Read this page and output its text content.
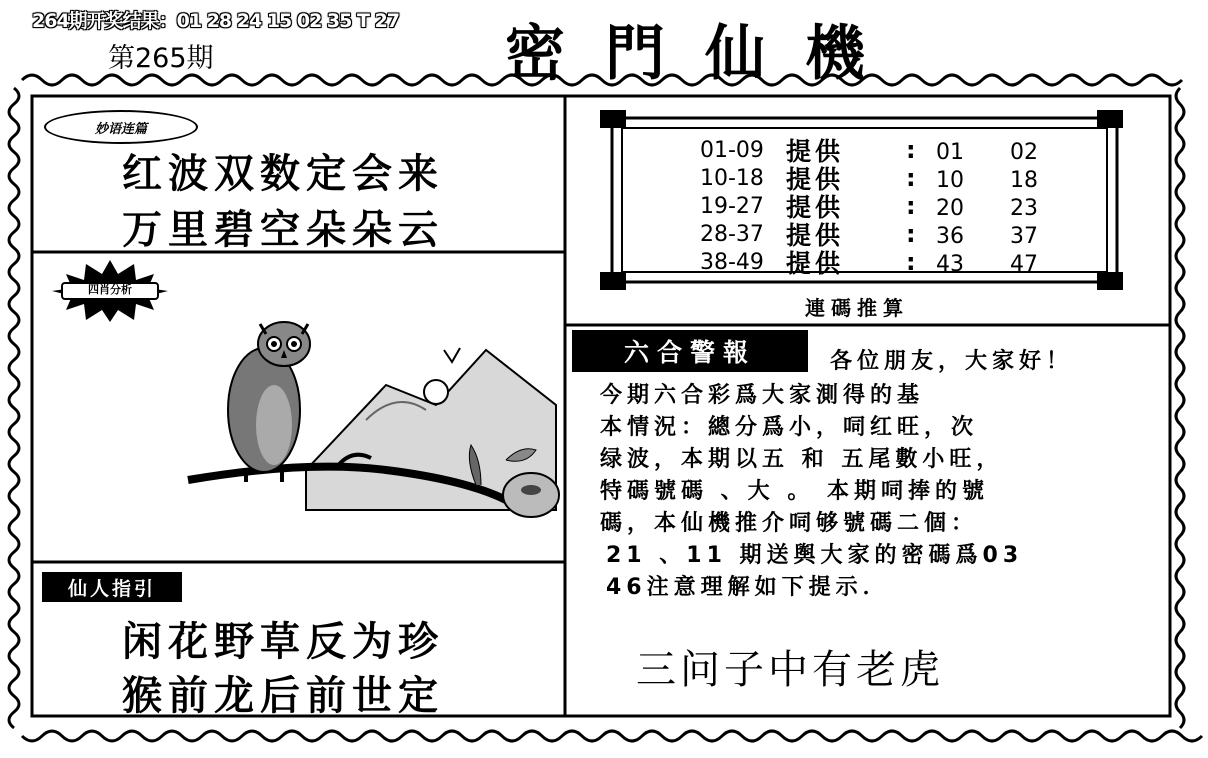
264期开奖结果：01 28 24 15 02 35 T 27
第265期	密門仙機
妙语连篇
红波双数定会来
万里碧空朵朵云
四肖分析
仙人指引
闲花野草反为珍
猴前龙后前世定
01-09 提供	: 01 02
10-18 提供	: 10 18
19-27 提供	: 20 23
28-37 提供	: 36 37
38-49 提供	: 43 47
連碼推算
六合警報	各位朋友，大家好！
今期六合彩爲大家測得的基
本情況：總分爲小，呞红旺，次
绿波，本期以五 和 五尾數小旺，
特碼號碼 、大 。 本期呞捧的號
碼，本仙機推介呞够號碼二個：
21 、11 期送舆大家的密碼爲03
46注意理解如下提示．
三问子中有老虎
